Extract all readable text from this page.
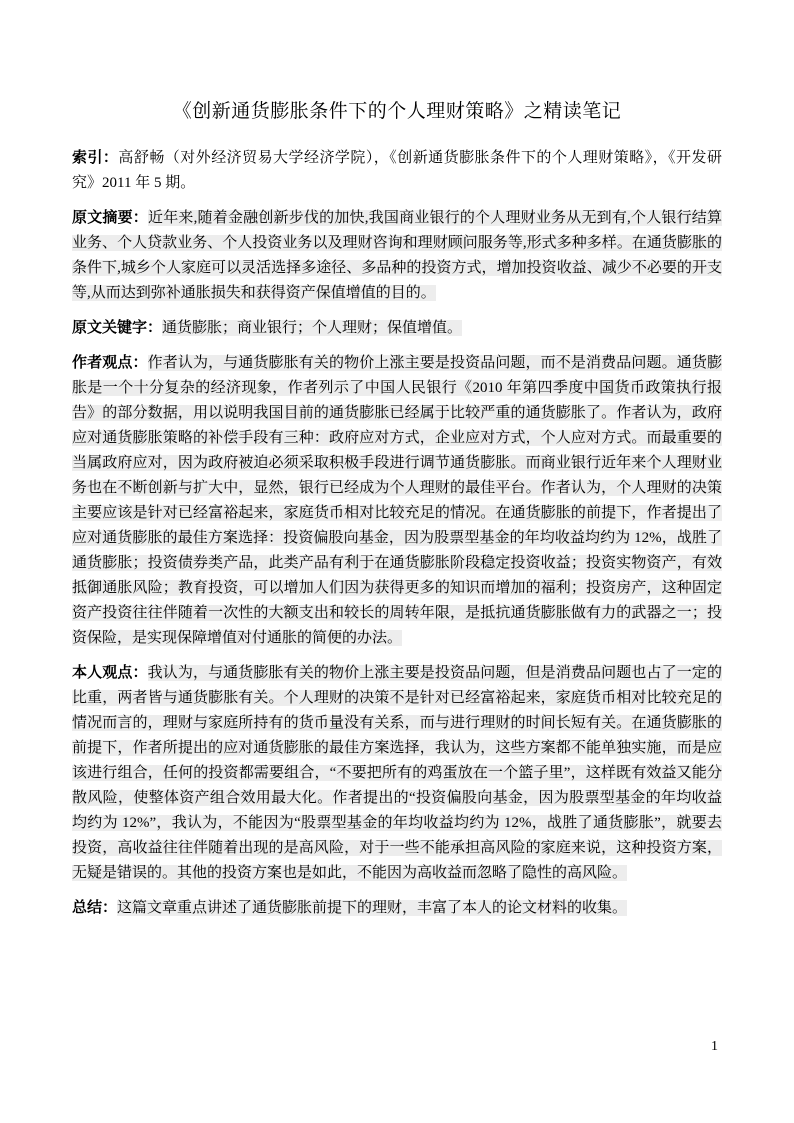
《创新通货膨胀条件下的个人理财策略》之精读笔记

索引：高舒畅（对外经济贸易大学经济学院），《创新通货膨胀条件下的个人理财策略》，《开发研究》2011 年 5 期。

原文摘要：近年来,随着金融创新步伐的加快,我国商业银行的个人理财业务从无到有,个人银行结算业务、个人贷款业务、个人投资业务以及理财咨询和理财顾问服务等,形式多种多样。在通货膨胀的条件下,城乡个人家庭可以灵活选择多途径、多品种的投资方式，增加投资收益、减少不必要的开支等,从而达到弥补通胀损失和获得资产保值增值的目的。

原文关键字：通货膨胀；商业银行；个人理财；保值增值。

作者观点：作者认为，与通货膨胀有关的物价上涨主要是投资品问题，而不是消费品问题。通货膨胀是一个十分复杂的经济现象，作者列示了中国人民银行《2010 年第四季度中国货币政策执行报告》的部分数据，用以说明我国目前的通货膨胀已经属于比较严重的通货膨胀了。作者认为，政府应对通货膨胀策略的补偿手段有三种：政府应对方式，企业应对方式，个人应对方式。而最重要的当属政府应对，因为政府被迫必须采取积极手段进行调节通货膨胀。而商业银行近年来个人理财业务也在不断创新与扩大中，显然，银行已经成为个人理财的最佳平台。作者认为，个人理财的决策主要应该是针对已经富裕起来，家庭货币相对比较充足的情况。在通货膨胀的前提下，作者提出了应对通货膨胀的最佳方案选择：投资偏股向基金，因为股票型基金的年均收益均约为 12%，战胜了通货膨胀；投资债券类产品，此类产品有利于在通货膨胀阶段稳定投资收益；投资实物资产，有效抵御通胀风险；教育投资，可以增加人们因为获得更多的知识而增加的福利；投资房产，这种固定资产投资往往伴随着一次性的大额支出和较长的周转年限，是抵抗通货膨胀做有力的武器之一；投资保险，是实现保障增值对付通胀的简便的办法。

本人观点：我认为，与通货膨胀有关的物价上涨主要是投资品问题，但是消费品问题也占了一定的比重，两者皆与通货膨胀有关。个人理财的决策不是针对已经富裕起来，家庭货币相对比较充足的情况而言的，理财与家庭所持有的货币量没有关系，而与进行理财的时间长短有关。在通货膨胀的前提下，作者所提出的应对通货膨胀的最佳方案选择，我认为，这些方案都不能单独实施，而是应该进行组合，任何的投资都需要组合，“不要把所有的鸡蛋放在一个篮子里”，这样既有效益又能分散风险，使整体资产组合效用最大化。作者提出的“投资偏股向基金，因为股票型基金的年均收益均约为 12%”，我认为，不能因为“股票型基金的年均收益均约为 12%，战胜了通货膨胀”，就要去投资，高收益往往伴随着出现的是高风险，对于一些不能承担高风险的家庭来说，这种投资方案，无疑是错误的。其他的投资方案也是如此，不能因为高收益而忽略了隐性的高风险。

总结：这篇文章重点讲述了通货膨胀前提下的理财，丰富了本人的论文材料的收集。

1
